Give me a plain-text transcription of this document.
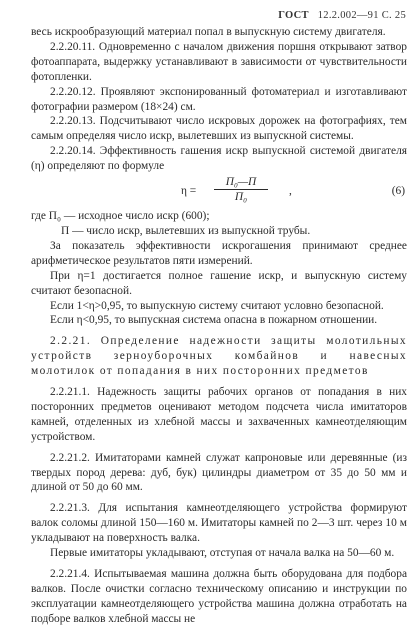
ГОСТ 12.2.002—91 С. 25

весь искрообразующий материал попал в выпускную систему двигателя.

2.2.20.11. Одновременно с началом движения поршня открывают затвор фотоаппарата, выдержку устанавливают в зависимости от чувствительности фотопленки.

2.2.20.12. Проявляют экспонированный фотоматериал и изготавливают фотографии размером (18×24) см.

2.2.20.13. Подсчитывают число искровых дорожек на фотографиях, тем самым определяя число искр, вылетевших из выпускной системы.

2.2.20.14. Эффективность гашения искр выпускной системой двигателя (η) определяют по формуле

η =
П₀—П
П₀	,	(6)

где П₀ — исходное число искр (600);

П — число искр, вылетевших из выпускной трубы.

За показатель эффективности искрогашения принимают среднее арифметическое результатов пяти измерений.

При η=1 достигается полное гашение искр, и выпускную систему считают безопасной.

Если 1<η>0,95, то выпускную систему считают условно безопасной.

Если η<0,95, то выпускная система опасна в пожарном отношении.

2.2.21. Определение надежности защиты молотильных устройств зерноуборочных комбайнов и навесных молотилок от попадания в них посторонних предметов

2.2.21.1. Надежность защиты рабочих органов от попадания в них посторонних предметов оценивают методом подсчета числа имитаторов камней, отделенных из хлебной массы и захваченных камнеотделяющим устройством.

2.2.21.2. Имитаторами камней служат капроновые или деревянные (из твердых пород дерева: дуб, бук) цилиндры диаметром от 35 до 50 мм и длиной от 50 до 60 мм.

2.2.21.3. Для испытания камнеотделяющего устройства формируют валок соломы длиной 150—160 м. Имитаторы камней по 2—3 шт. через 10 м укладывают на поверхность валка.

Первые имитаторы укладывают, отступая от начала валка на 50—60 м.

2.2.21.4. Испытываемая машина должна быть оборудована для подбора валков. После очистки согласно техническому описанию и инструкции по эксплуатации камнеотделяющего устройства машина должна отработать на подборе валков хлебной массы не
